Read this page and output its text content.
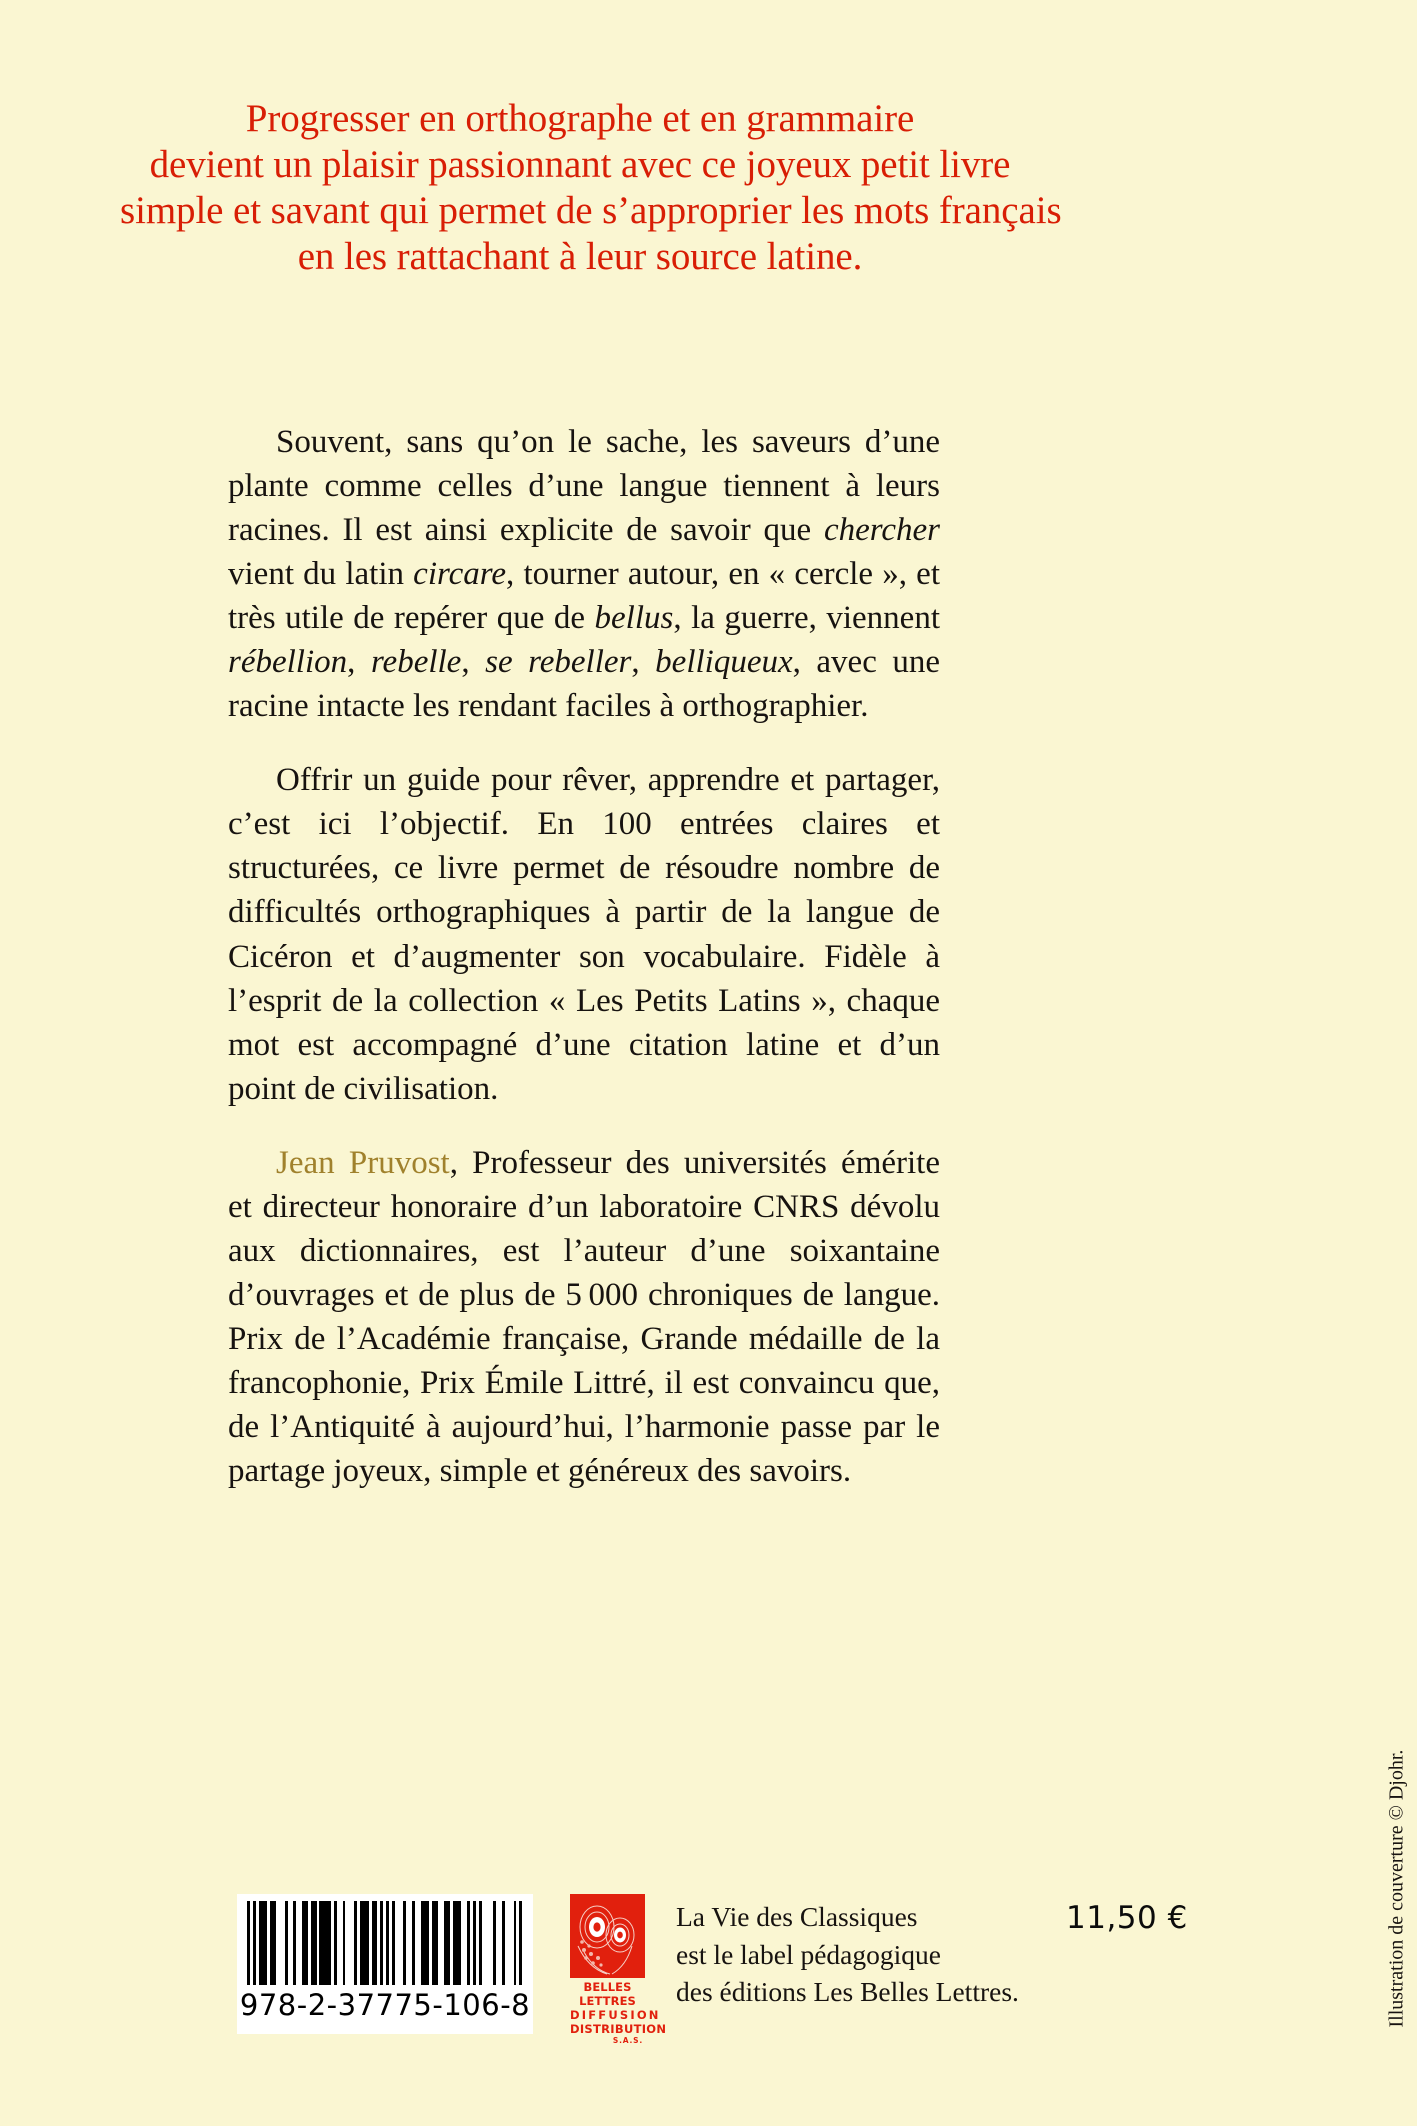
Progresser en orthographe et en grammaire
devient un plaisir passionnant avec ce joyeux petit livre
simple et savant qui permet de s’approprier les mots français
en les rattachant à leur source latine.

Souvent, sans qu’on le sache, les saveurs d’une plante comme celles d’une langue tiennent à leurs racines. Il est ainsi explicite de savoir que chercher vient du latin circare, tourner autour, en « cercle », et très utile de repérer que de bellus, la guerre, viennent rébellion, rebelle, se rebeller, belliqueux, avec une racine intacte les rendant faciles à orthographier.

Offrir un guide pour rêver, apprendre et partager, c’est ici l’objectif. En 100 entrées claires et structurées, ce livre permet de résoudre nombre de difficultés orthographiques à partir de la langue de Cicéron et d’augmenter son vocabulaire. Fidèle à l’esprit de la collection « Les Petits Latins », chaque mot est accompagné d’une citation latine et d’un point de civilisation.

Jean Pruvost, Professeur des universités émérite et directeur honoraire d’un laboratoire CNRS dévolu aux dictionnaires, est l’auteur d’une soixantaine d’ouvrages et de plus de 5 000 chroniques de langue. Prix de l’Académie française, Grande médaille de la francophonie, Prix Émile Littré, il est convaincu que, de l’Antiquité à aujourd’hui, l’harmonie passe par le partage joyeux, simple et généreux des savoirs.

978-2-37775-106-8
BELLES LETTRES
DIFFUSION
DISTRIBUTION
S.A.S.
La Vie des Classiques
est le label pédagogique
des éditions Les Belles Lettres.
11,50 €	Illustration de couverture © Djohr.
